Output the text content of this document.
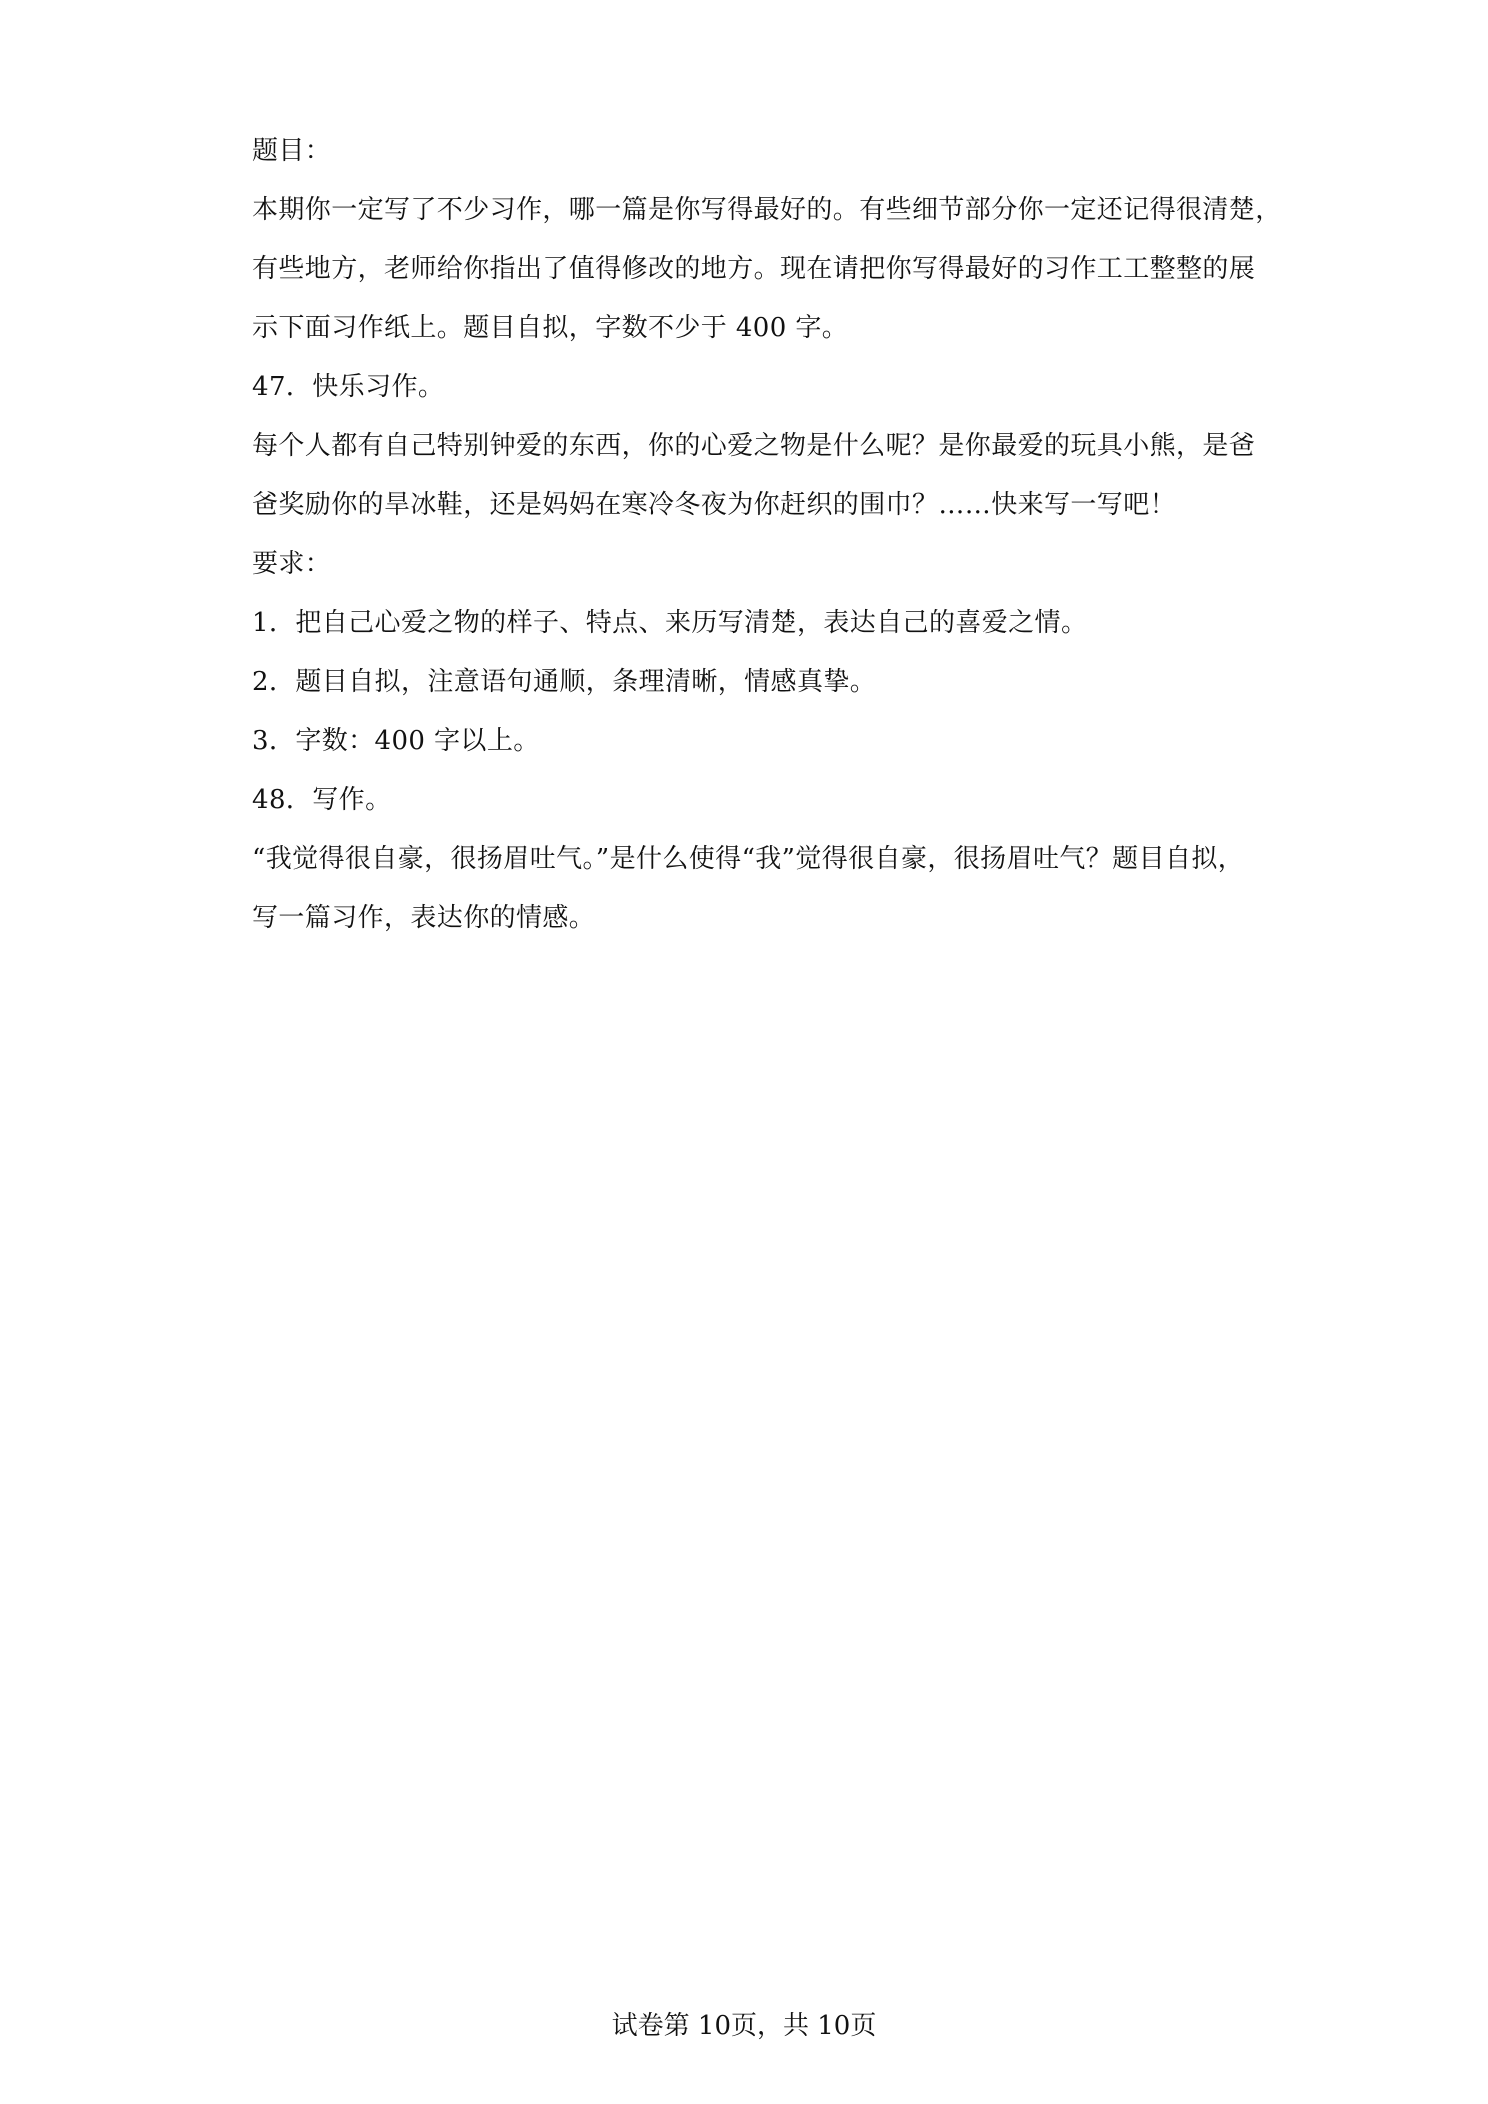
题目：
本期你一定写了不少习作，哪一篇是你写得最好的。有些细节部分你一定还记得很清楚，
有些地方，老师给你指出了值得修改的地方。现在请把你写得最好的习作工工整整的展
示下面习作纸上。题目自拟，字数不少于 400 字。
47．快乐习作。
每个人都有自己特别钟爱的东西，你的心爱之物是什么呢？是你最爱的玩具小熊，是爸
爸奖励你的旱冰鞋，还是妈妈在寒冷冬夜为你赶织的围巾？……快来写一写吧！
要求：
1．把自己心爱之物的样子、特点、来历写清楚，表达自己的喜爱之情。
2．题目自拟，注意语句通顺，条理清晰，情感真挚。
3．字数：400 字以上。
48．写作。
“我觉得很自豪，很扬眉吐气。”是什么使得“我”觉得很自豪，很扬眉吐气？题目自拟，
写一篇习作，表达你的情感。
试卷第 10页，共 10页
